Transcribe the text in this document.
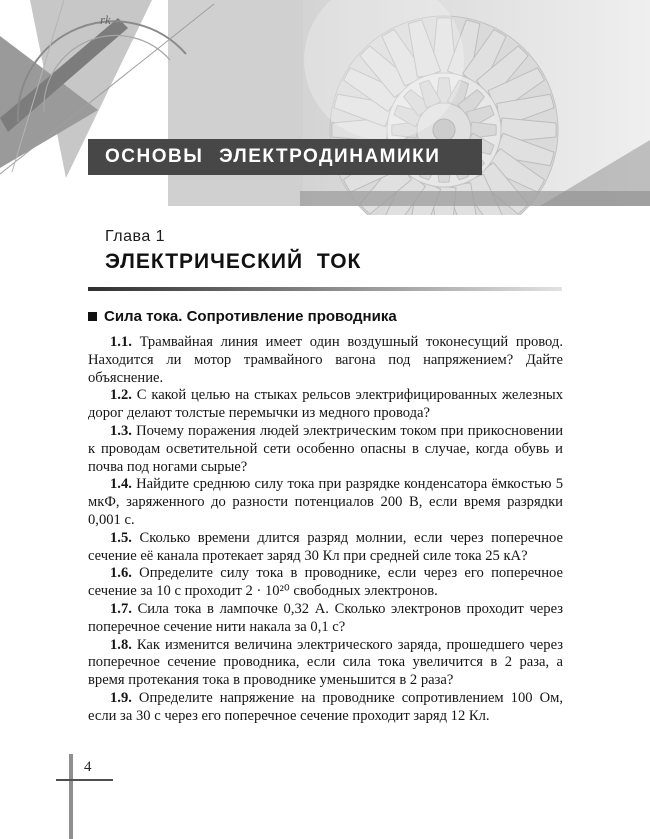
rk
ОСНОВЫ ЭЛЕКТРОДИНАМИКИ
Глава 1
ЭЛЕКТРИЧЕСКИЙ ТОК
Сила тока. Сопротивление проводника

1.1. Трамвайная линия имеет один воздушный токонесущий провод. Находится ли мотор трамвайного вагона под напряжением? Дайте объяснение.

1.2. С какой целью на стыках рельсов электрифицированных железных дорог делают толстые перемычки из медного провода?

1.3. Почему поражения людей электрическим током при прикосновении к проводам осветительной сети особенно опасны в случае, когда обувь и почва под ногами сырые?

1.4. Найдите среднюю силу тока при разрядке конденсатора ёмкостью 5 мкФ, заряженного до разности потенциалов 200 В, если время разрядки 0,001 с.

1.5. Сколько времени длится разряд молнии, если через поперечное сечение её канала протекает заряд 30 Кл при средней силе тока 25 кА?

1.6. Определите силу тока в проводнике, если через его поперечное сечение за 10 с проходит 2 · 10²⁰ свободных электронов.

1.7. Сила тока в лампочке 0,32 А. Сколько электронов проходит через поперечное сечение нити накала за 0,1 с?

1.8. Как изменится величина электрического заряда, прошедшего через поперечное сечение проводника, если сила тока увеличится в 2 раза, а время протекания тока в проводнике уменьшится в 2 раза?

1.9. Определите напряжение на проводнике сопротивлением 100 Ом, если за 30 с через его поперечное сечение проходит заряд 12 Кл.

4
